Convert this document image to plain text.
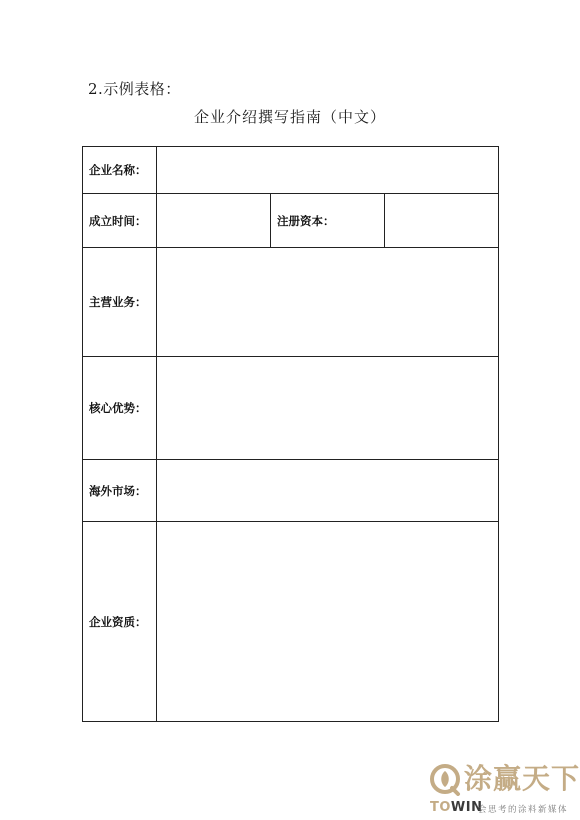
2.示例表格：
企业介绍撰写指南（中文）
企业名称：			
成立时间：		注册资本：	
主营业务：			
核心优势：			
海外市场：			
企业资质：			
涂赢天下
TOWIN
会思考的涂料新媒体
